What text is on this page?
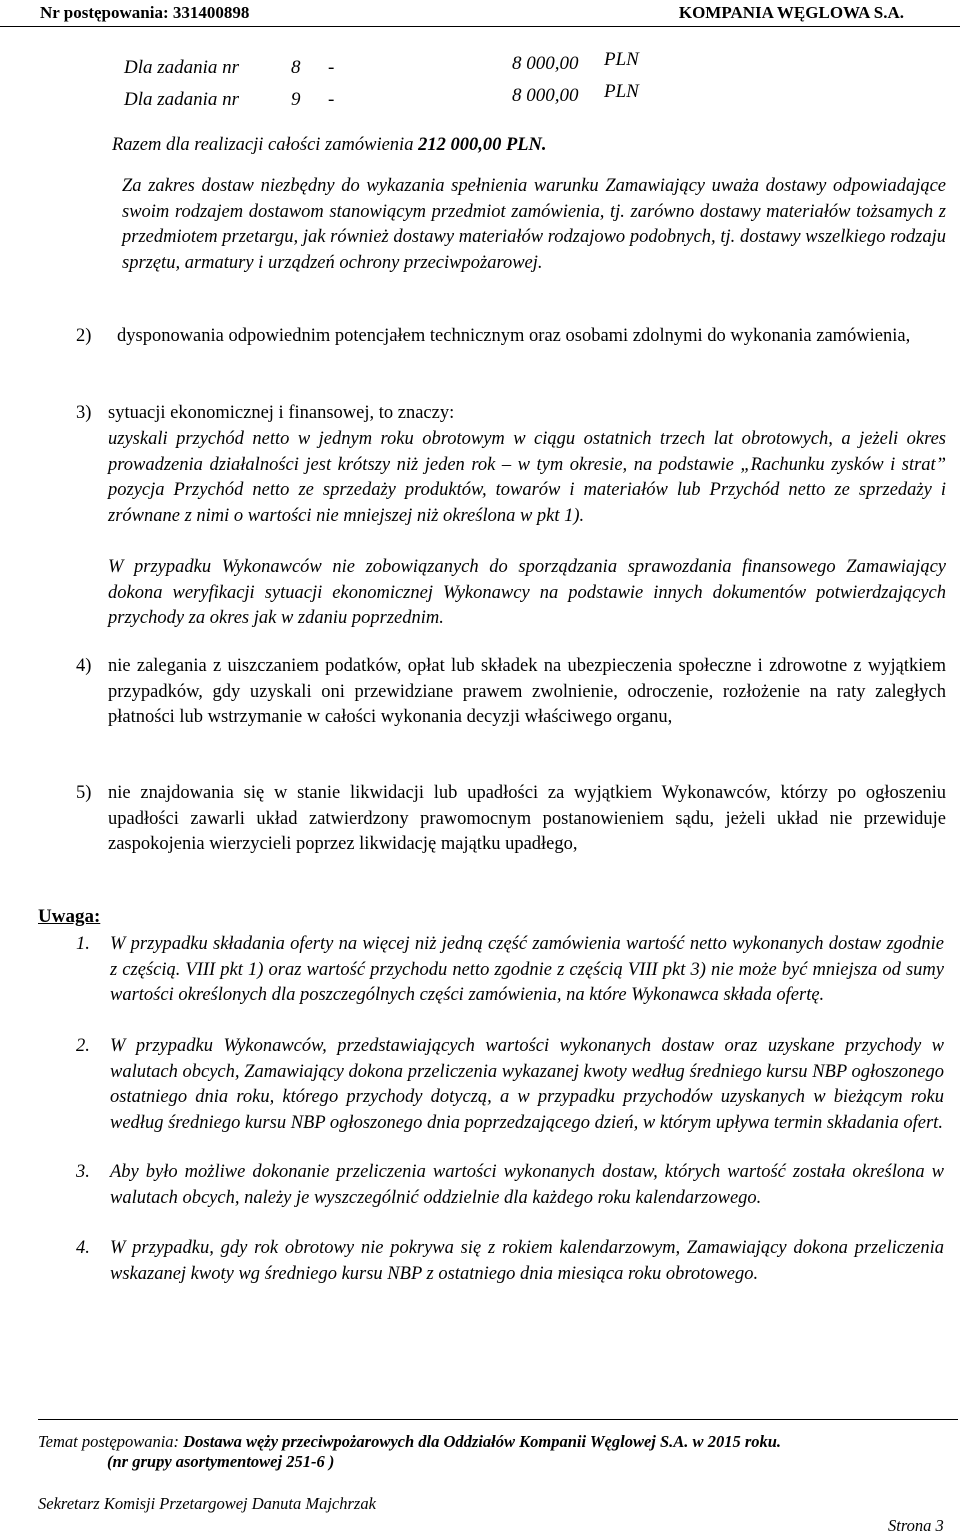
Nr postępowania: 331400898	KOMPANIA WĘGLOWA S.A.
Dla zadania nr	8 -	8 000,00 PLN
Dla zadania nr	9 -	8 000,00 PLN
Razem dla realizacji całości zamówienia 212 000,00 PLN.
Za zakres dostaw niezbędny do wykazania spełnienia warunku Zamawiający uważa dostawy odpowiadające swoim rodzajem dostawom stanowiącym przedmiot zamówienia, tj. zarówno dostawy materiałów tożsamych z przedmiotem przetargu, jak również dostawy materiałów rodzajowo podobnych, tj. dostawy wszelkiego rodzaju sprzętu, armatury i urządzeń ochrony przeciwpożarowej.
2) dysponowania odpowiednim potencjałem technicznym oraz osobami zdolnymi do wykonania zamówienia,
3) sytuacji ekonomicznej i finansowej, to znaczy:
uzyskali przychód netto w jednym roku obrotowym w ciągu ostatnich trzech lat obrotowych, a jeżeli okres prowadzenia działalności jest krótszy niż jeden rok – w tym okresie, na podstawie „Rachunku zysków i strat” pozycja Przychód netto ze sprzedaży produktów, towarów i materiałów lub Przychód netto ze sprzedaży i zrównane z nimi o wartości nie mniejszej niż określona w pkt 1).
W przypadku Wykonawców nie zobowiązanych do sporządzania sprawozdania finansowego Zamawiający dokona weryfikacji sytuacji ekonomicznej Wykonawcy na podstawie innych dokumentów potwierdzających przychody za okres jak w zdaniu poprzednim.
4) nie zalegania z uiszczaniem podatków, opłat lub składek na ubezpieczenia społeczne i zdrowotne z wyjątkiem przypadków, gdy uzyskali oni przewidziane prawem zwolnienie, odroczenie, rozłożenie na raty zaległych płatności lub wstrzymanie w całości wykonania decyzji właściwego organu,
5) nie znajdowania się w stanie likwidacji lub upadłości za wyjątkiem Wykonawców, którzy po ogłoszeniu upadłości zawarli układ zatwierdzony prawomocnym postanowieniem sądu, jeżeli układ nie przewiduje zaspokojenia wierzycieli poprzez likwidację majątku upadłego,
Uwaga:
1. W przypadku składania oferty na więcej niż jedną część zamówienia wartość netto wykonanych dostaw zgodnie z częścią. VIII pkt 1) oraz wartość przychodu netto zgodnie z częścią VIII pkt 3) nie może być mniejsza od sumy wartości określonych dla poszczególnych części zamówienia, na które Wykonawca składa ofertę.
2. W przypadku Wykonawców, przedstawiających wartości wykonanych dostaw oraz uzyskane przychody w walutach obcych, Zamawiający dokona przeliczenia wykazanej kwoty według średniego kursu NBP ogłoszonego ostatniego dnia roku, którego przychody dotyczą, a w przypadku przychodów uzyskanych w bieżącym roku według średniego kursu NBP ogłoszonego dnia poprzedzającego dzień, w którym upływa termin składania ofert.
3. Aby było możliwe dokonanie przeliczenia wartości wykonanych dostaw, których wartość została określona w walutach obcych, należy je wyszczególnić oddzielnie dla każdego roku kalendarzowego.
4. W przypadku, gdy rok obrotowy nie pokrywa się z rokiem kalendarzowym, Zamawiający dokona przeliczenia wskazanej kwoty wg średniego kursu NBP z ostatniego dnia miesiąca roku obrotowego.
Temat postępowania: Dostawa węży przeciwpożarowych dla Oddziałów Kompanii Węglowej S.A. w 2015 roku.
(nr grupy asortymentowej 251-6 )
Sekretarz Komisji Przetargowej Danuta Majchrzak
Strona 3
